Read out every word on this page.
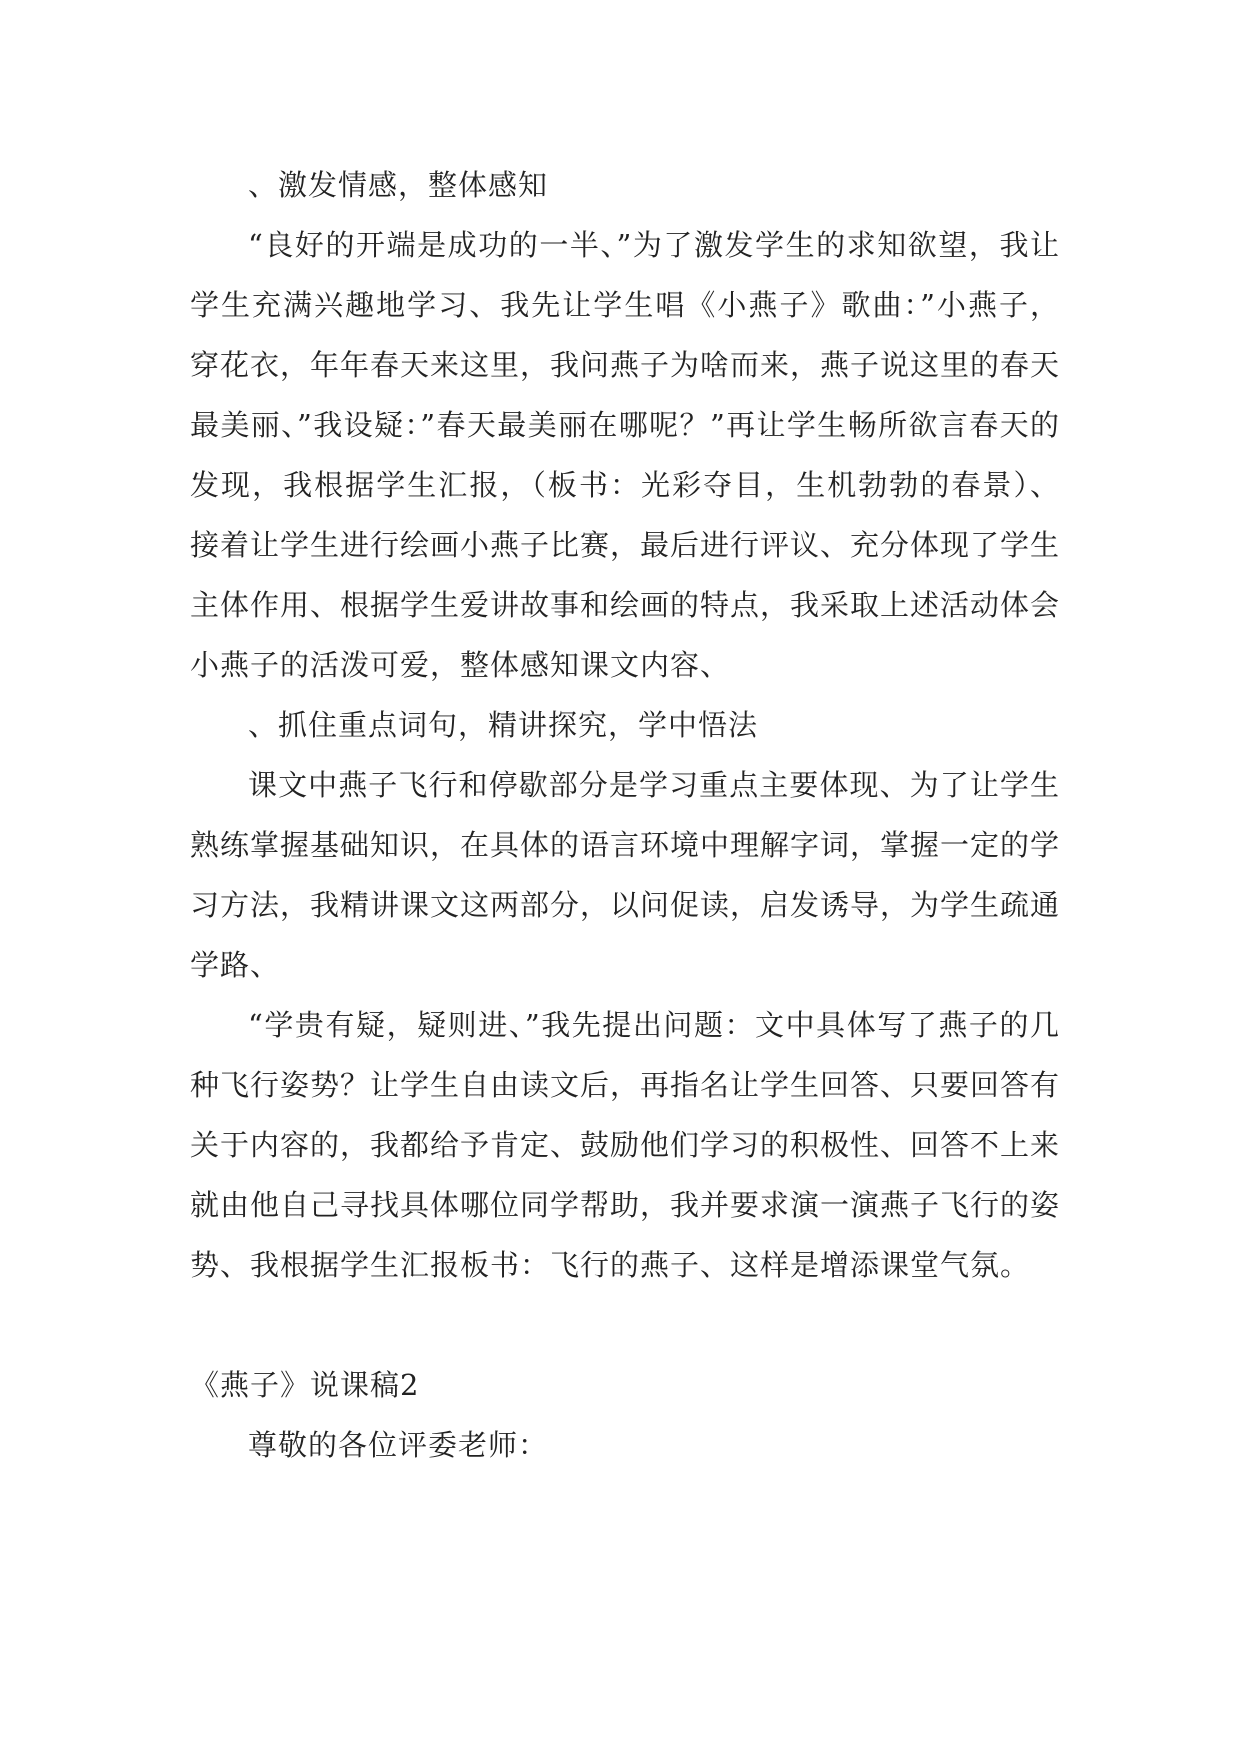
、激发情感，整体感知

“良好的开端是成功的一半、”为了激发学生的求知欲望，我让学生充满兴趣地学习、我先让学生唱《小燕子》歌曲：”小燕子，穿花衣，年年春天来这里，我问燕子为啥而来，燕子说这里的春天最美丽、”我设疑：”春天最美丽在哪呢？”再让学生畅所欲言春天的发现，我根据学生汇报，（板书：光彩夺目，生机勃勃的春景）、接着让学生进行绘画小燕子比赛，最后进行评议、充分体现了学生主体作用、根据学生爱讲故事和绘画的特点，我采取上述活动体会小燕子的活泼可爱，整体感知课文内容、

、抓住重点词句，精讲探究，学中悟法

课文中燕子飞行和停歇部分是学习重点主要体现、为了让学生熟练掌握基础知识，在具体的语言环境中理解字词，掌握一定的学习方法，我精讲课文这两部分，以问促读，启发诱导，为学生疏通学路、

“学贵有疑，疑则进、”我先提出问题：文中具体写了燕子的几种飞行姿势？让学生自由读文后，再指名让学生回答、只要回答有关于内容的，我都给予肯定、鼓励他们学习的积极性、回答不上来就由他自己寻找具体哪位同学帮助，我并要求演一演燕子飞行的姿势、我根据学生汇报板书：飞行的燕子、这样是增添课堂气氛。

《燕子》说课稿2

尊敬的各位评委老师：
